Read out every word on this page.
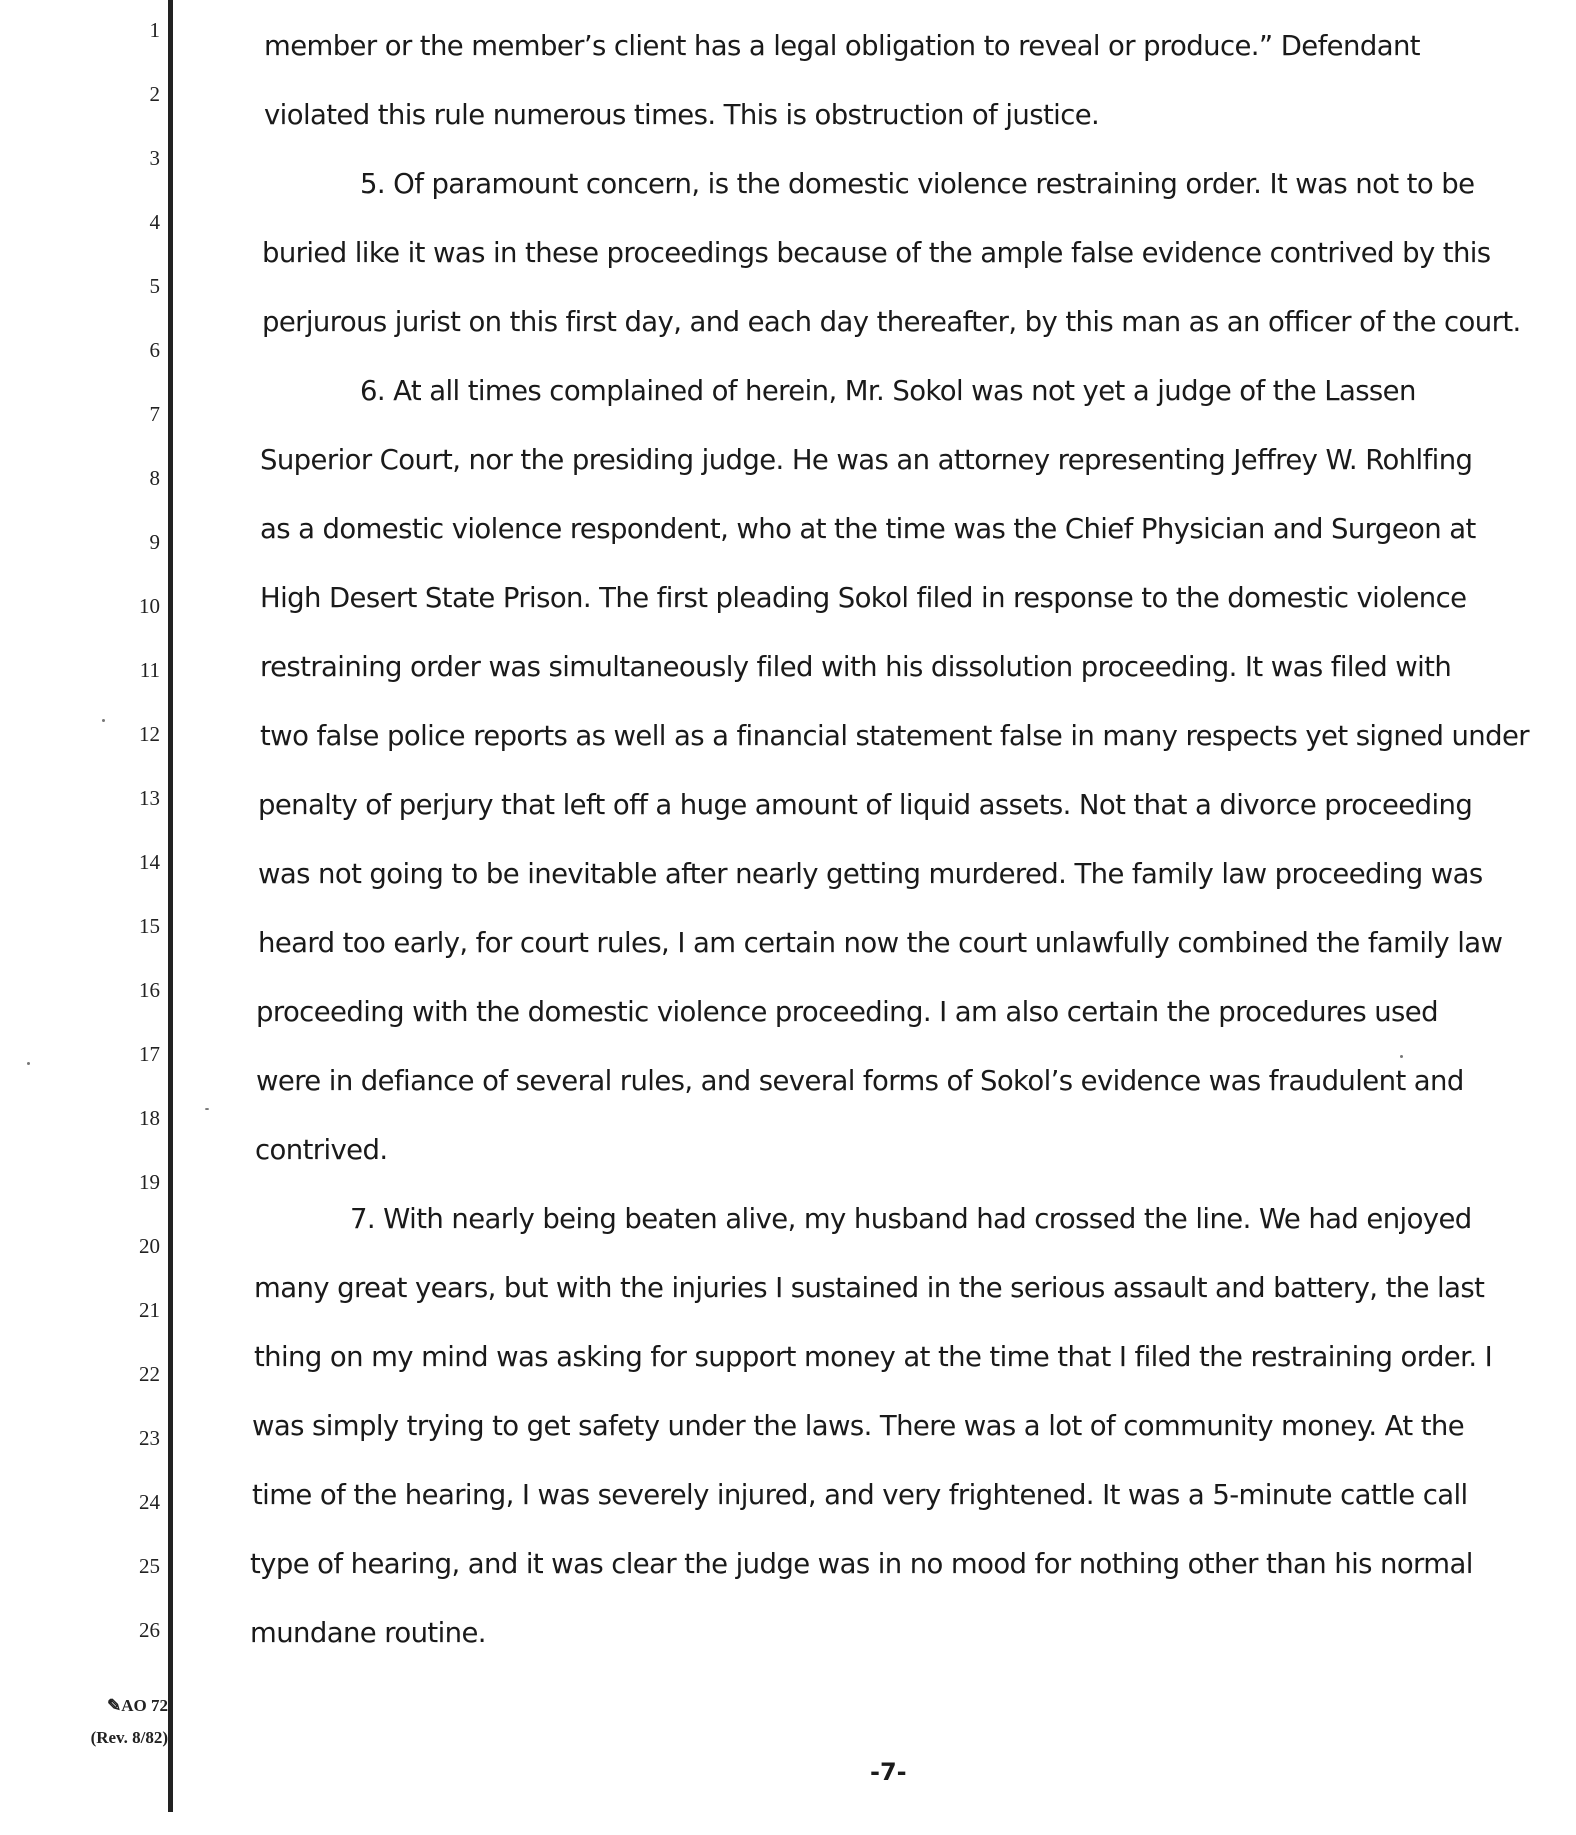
1
2
3
4
5
6
7
8
9
10
11
12
13
14
15
16
17
18
19
20
21
22
23
24
25
26
✎AO 72
(Rev. 8/82)
member or the member’s client has a legal obligation to reveal or produce.” Defendant
violated this rule numerous times. This is obstruction of justice.
5. Of paramount concern, is the domestic violence restraining order. It was not to be
buried like it was in these proceedings because of the ample false evidence contrived by this
perjurous jurist on this first day, and each day thereafter, by this man as an officer of the court.
6. At all times complained of herein, Mr. Sokol was not yet a judge of the Lassen
Superior Court, nor the presiding judge. He was an attorney representing Jeffrey W. Rohlfing
as a domestic violence respondent, who at the time was the Chief Physician and Surgeon at
High Desert State Prison. The first pleading Sokol filed in response to the domestic violence
restraining order was simultaneously filed with his dissolution proceeding. It was filed with
two false police reports as well as a financial statement false in many respects yet signed under
penalty of perjury that left off a huge amount of liquid assets. Not that a divorce proceeding
was not going to be inevitable after nearly getting murdered. The family law proceeding was
heard too early, for court rules, I am certain now the court unlawfully combined the family law
proceeding with the domestic violence proceeding. I am also certain the procedures used
were in defiance of several rules, and several forms of Sokol’s evidence was fraudulent and
contrived.
7. With nearly being beaten alive, my husband had crossed the line. We had enjoyed
many great years, but with the injuries I sustained in the serious assault and battery, the last
thing on my mind was asking for support money at the time that I filed the restraining order. I
was simply trying to get safety under the laws. There was a lot of community money. At the
time of the hearing, I was severely injured, and very frightened. It was a 5-minute cattle call
type of hearing, and it was clear the judge was in no mood for nothing other than his normal
mundane routine.
-7-
